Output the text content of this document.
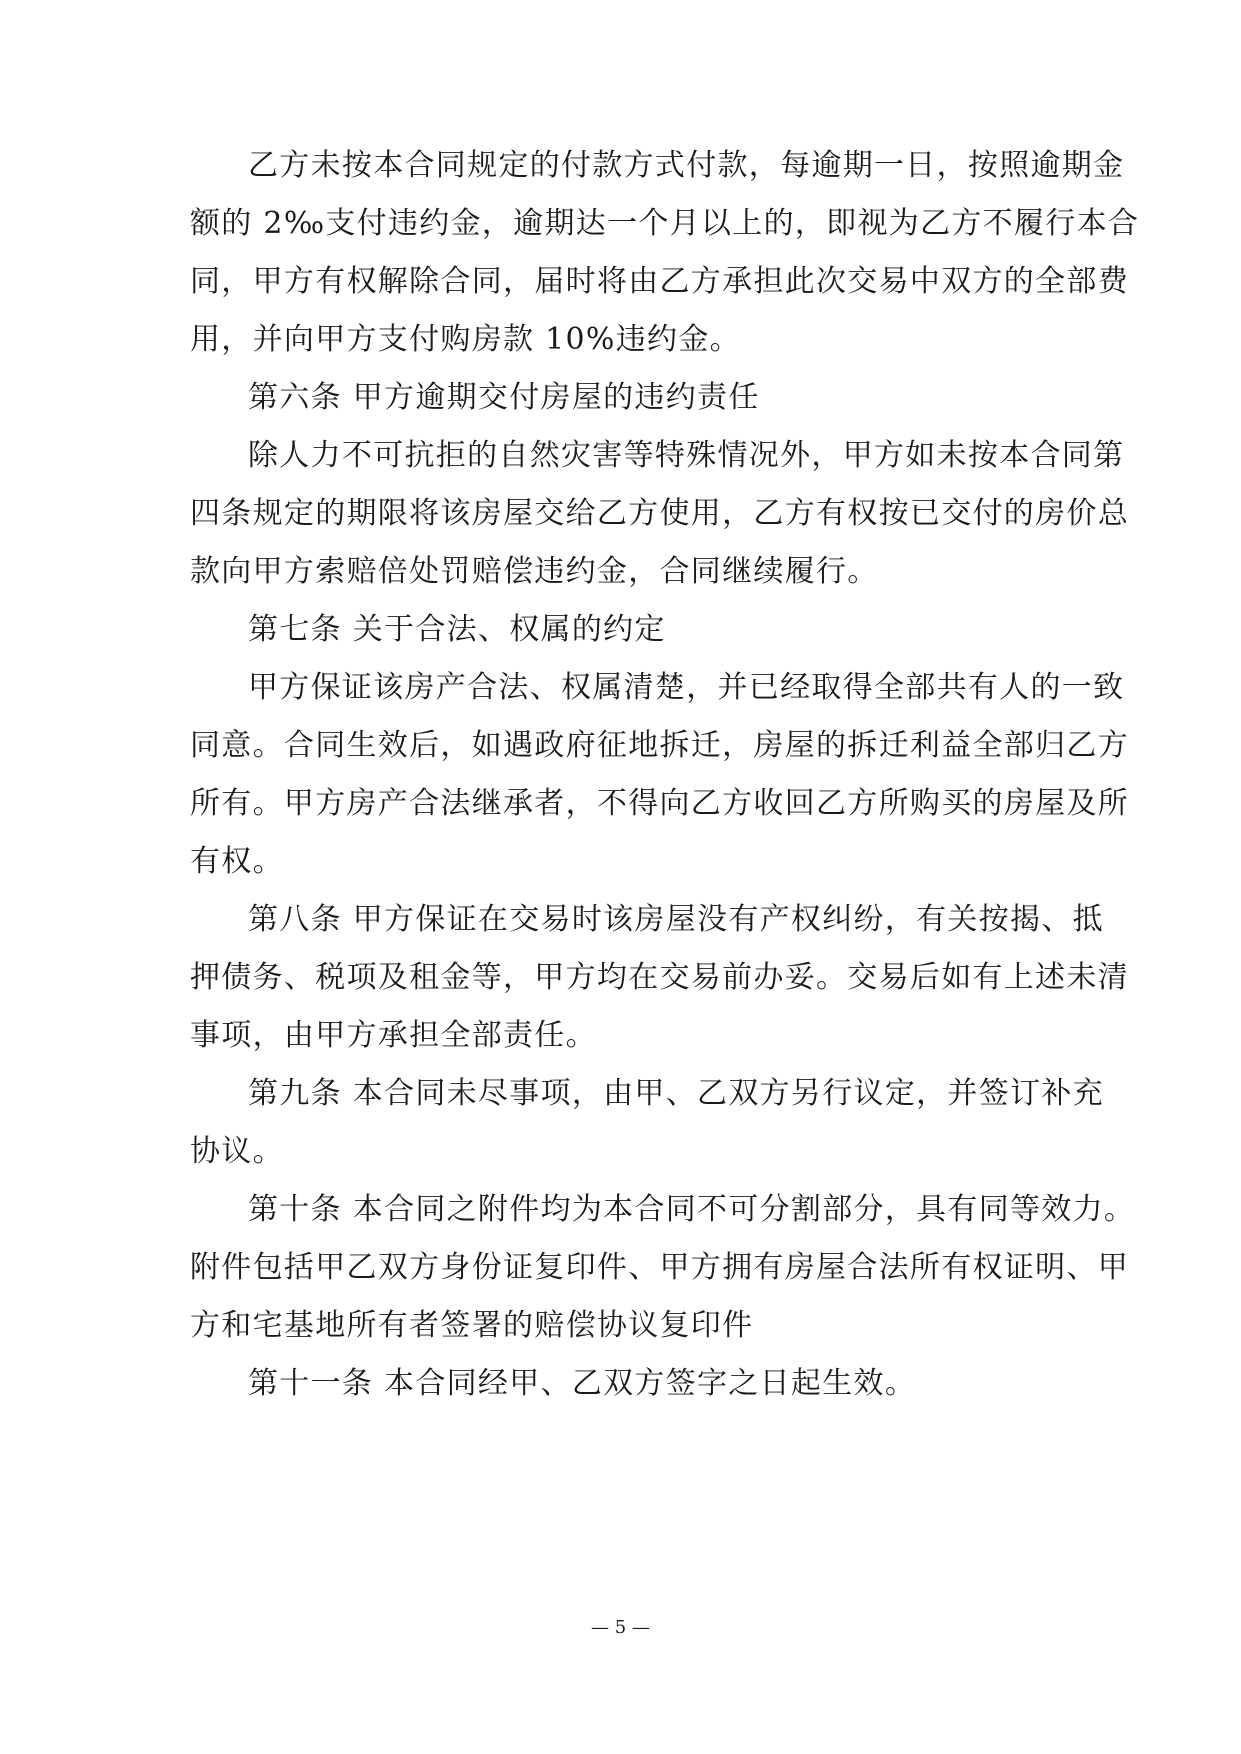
乙方未按本合同规定的付款方式付款，每逾期一日，按照逾期金

额的 2‰支付违约金，逾期达一个月以上的，即视为乙方不履行本合

同，甲方有权解除合同，届时将由乙方承担此次交易中双方的全部费

用，并向甲方支付购房款 10%违约金。

第六条 甲方逾期交付房屋的违约责任

除人力不可抗拒的自然灾害等特殊情况外，甲方如未按本合同第

四条规定的期限将该房屋交给乙方使用，乙方有权按已交付的房价总

款向甲方索赔倍处罚赔偿违约金，合同继续履行。

第七条 关于合法、权属的约定

甲方保证该房产合法、权属清楚，并已经取得全部共有人的一致

同意。合同生效后，如遇政府征地拆迁，房屋的拆迁利益全部归乙方

所有。甲方房产合法继承者，不得向乙方收回乙方所购买的房屋及所

有权。

第八条 甲方保证在交易时该房屋没有产权纠纷，有关按揭、抵

押债务、税项及租金等，甲方均在交易前办妥。交易后如有上述未清

事项，由甲方承担全部责任。

第九条 本合同未尽事项，由甲、乙双方另行议定，并签订补充

协议。

第十条 本合同之附件均为本合同不可分割部分，具有同等效力。

附件包括甲乙双方身份证复印件、甲方拥有房屋合法所有权证明、甲

方和宅基地所有者签署的赔偿协议复印件

第十一条 本合同经甲、乙双方签字之日起生效。

— 5 —
